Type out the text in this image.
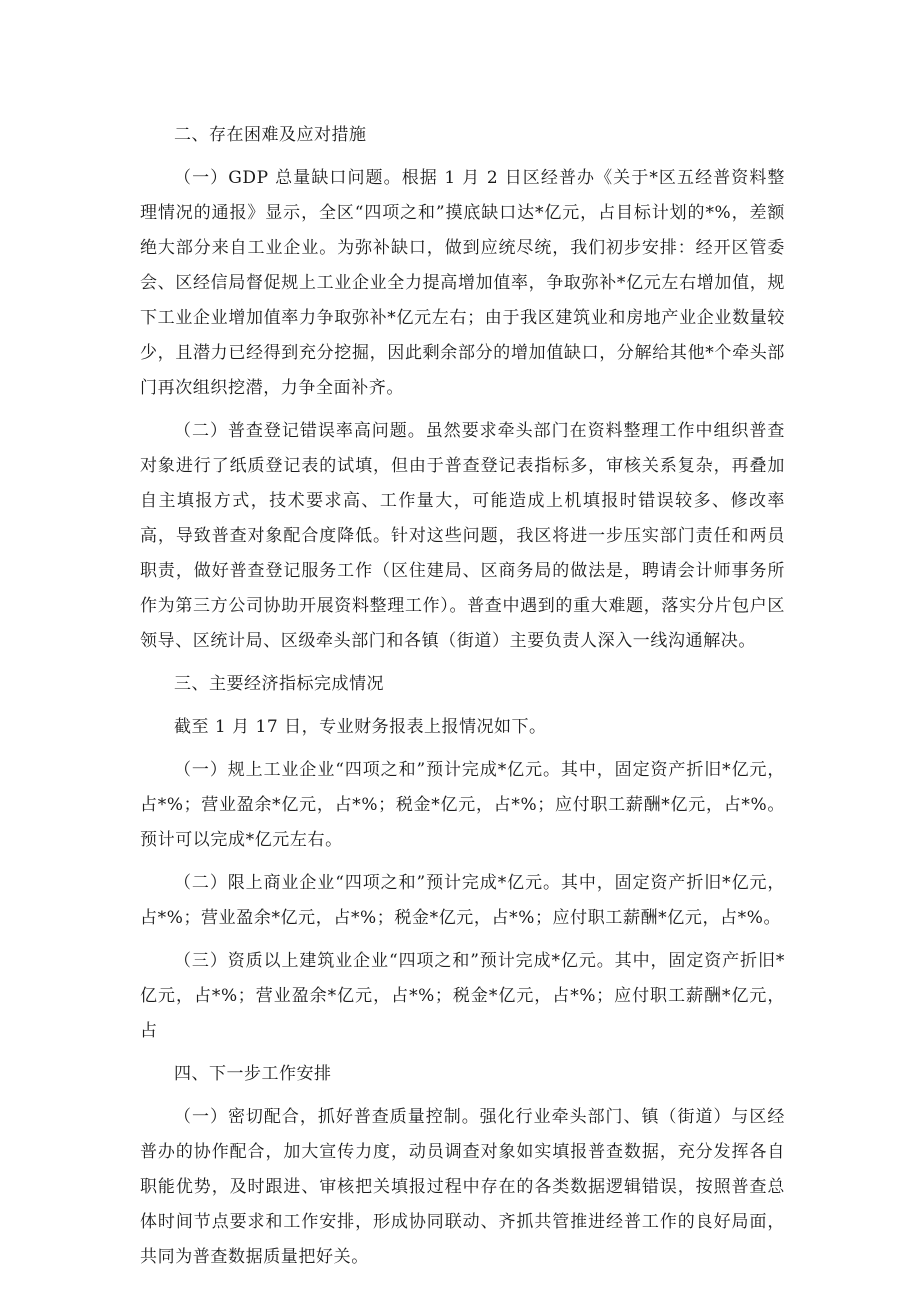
二、存在困难及应对措施

（一）GDP 总量缺口问题。根据 1 月 2 日区经普办《关于*区五经普资料整理情况的通报》显示，全区“四项之和”摸底缺口达*亿元，占目标计划的*%，差额绝大部分来自工业企业。为弥补缺口，做到应统尽统，我们初步安排：经开区管委会、区经信局督促规上工业企业全力提高增加值率，争取弥补*亿元左右增加值，规下工业企业增加值率力争取弥补*亿元左右；由于我区建筑业和房地产业企业数量较少，且潜力已经得到充分挖掘，因此剩余部分的增加值缺口，分解给其他*个牵头部门再次组织挖潜，力争全面补齐。

（二）普查登记错误率高问题。虽然要求牵头部门在资料整理工作中组织普查对象进行了纸质登记表的试填，但由于普查登记表指标多，审核关系复杂，再叠加自主填报方式，技术要求高、工作量大，可能造成上机填报时错误较多、修改率高，导致普查对象配合度降低。针对这些问题，我区将进一步压实部门责任和两员职责，做好普查登记服务工作（区住建局、区商务局的做法是，聘请会计师事务所作为第三方公司协助开展资料整理工作）。普查中遇到的重大难题，落实分片包户区领导、区统计局、区级牵头部门和各镇（街道）主要负责人深入一线沟通解决。

三、主要经济指标完成情况

截至 1 月 17 日，专业财务报表上报情况如下。

（一）规上工业企业“四项之和”预计完成*亿元。其中，固定资产折旧*亿元，占*%；营业盈余*亿元，占*%；税金*亿元，占*%；应付职工薪酬*亿元，占*%。预计可以完成*亿元左右。

（二）限上商业企业“四项之和”预计完成*亿元。其中，固定资产折旧*亿元，占*%；营业盈余*亿元，占*%；税金*亿元，占*%；应付职工薪酬*亿元，占*%。

（三）资质以上建筑业企业“四项之和”预计完成*亿元。其中，固定资产折旧*亿元，占*%；营业盈余*亿元，占*%；税金*亿元，占*%；应付职工薪酬*亿元，占

四、下一步工作安排

（一）密切配合，抓好普查质量控制。强化行业牵头部门、镇（街道）与区经普办的协作配合，加大宣传力度，动员调查对象如实填报普查数据，充分发挥各自职能优势，及时跟进、审核把关填报过程中存在的各类数据逻辑错误，按照普查总体时间节点要求和工作安排，形成协同联动、齐抓共管推进经普工作的良好局面，共同为普查数据质量把好关。
